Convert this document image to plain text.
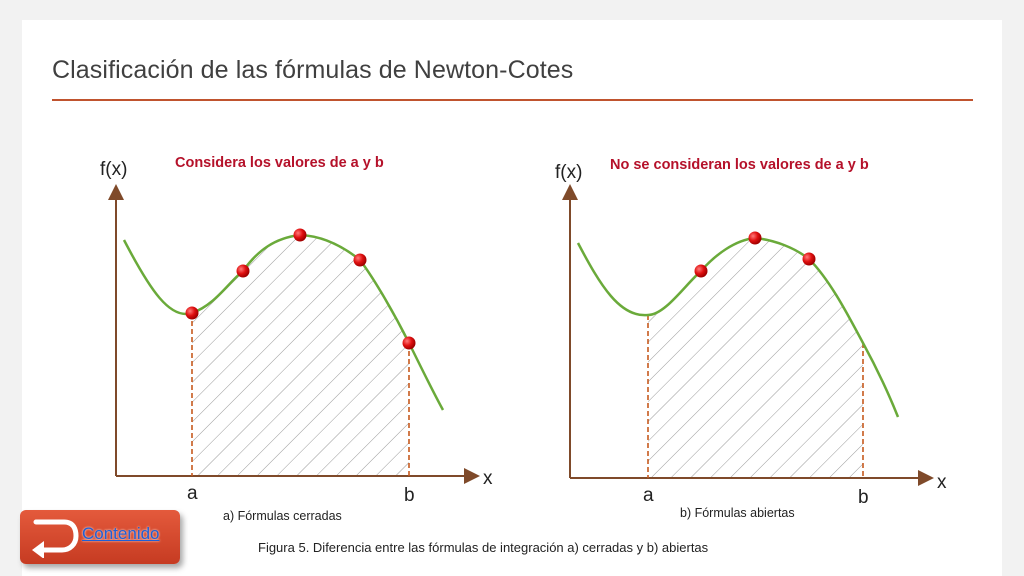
Clasificación de las fórmulas de Newton-Cotes
f(x)	Considera los valores de a y b
x
a	b
a) Fórmulas cerradas
f(x) No se consideran los valores de a y b
x
a	b
b) Fórmulas abiertas
Figura 5. Diferencia entre las fórmulas de integración a) cerradas y b) abiertas
Contenido
